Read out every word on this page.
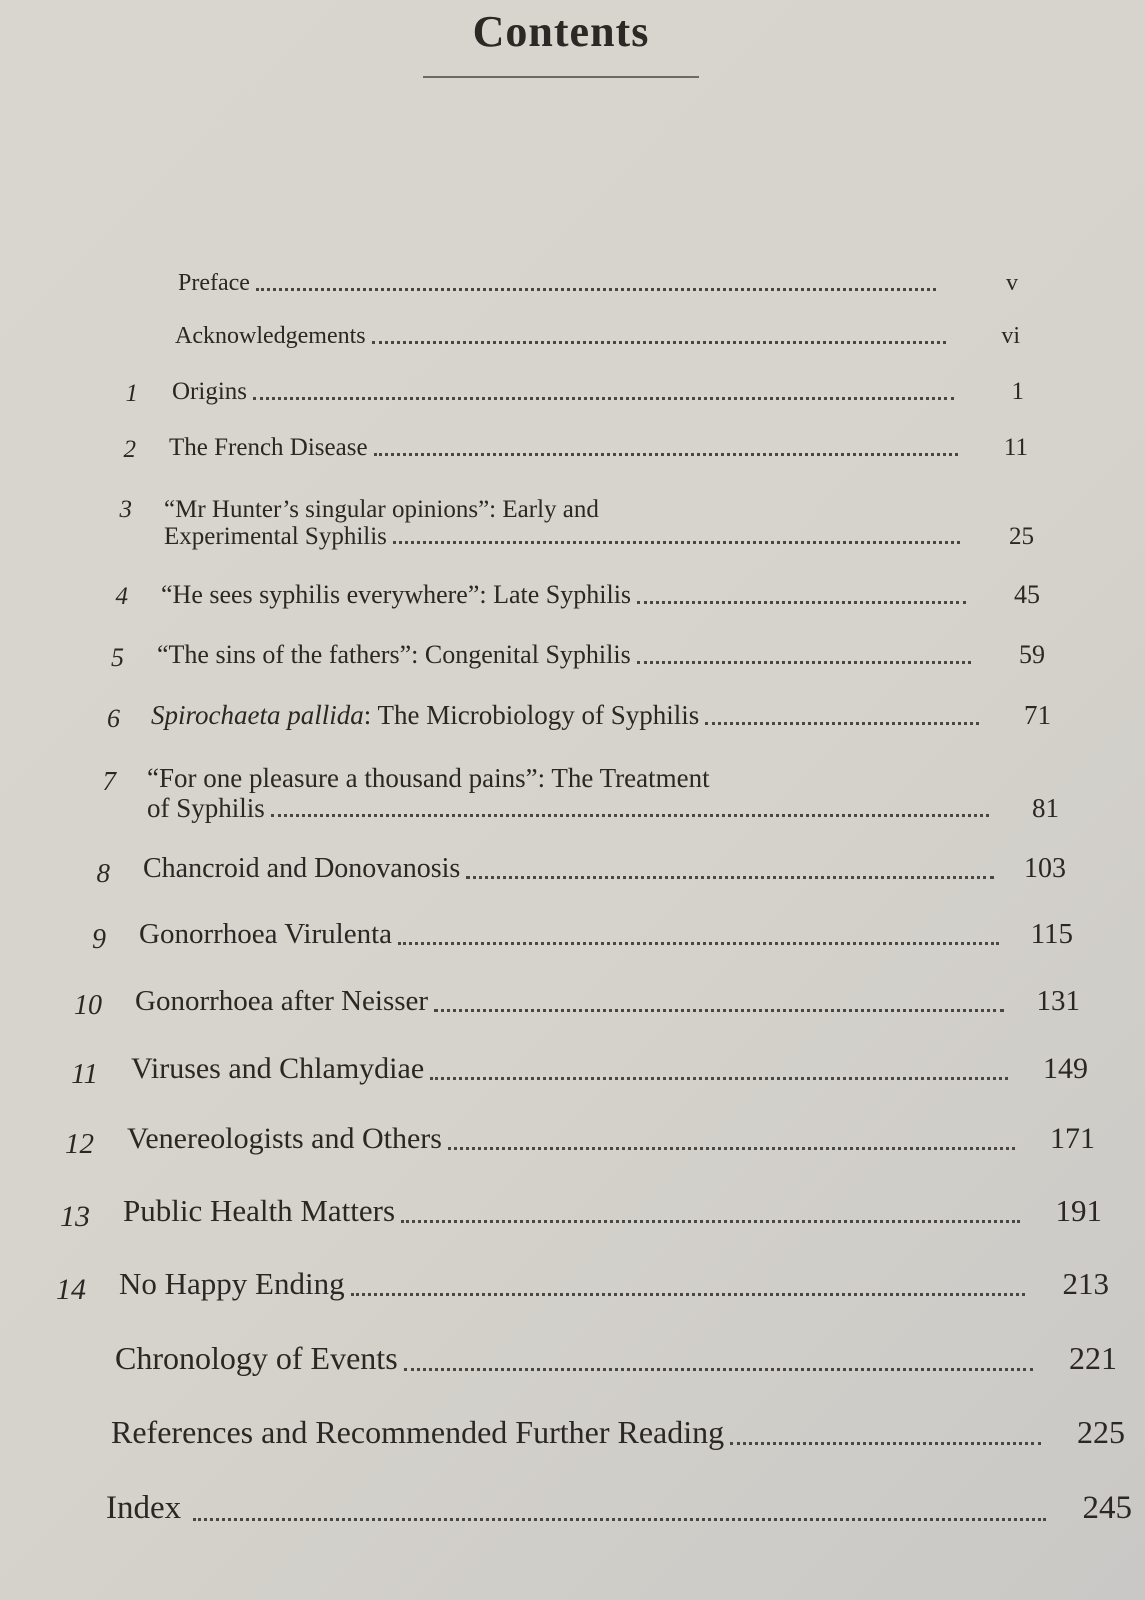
Contents
Preface	v
Acknowledgements	vi
1 Origins	1
2 The French Disease	11
3 “Mr Hunter’s singular opinions”: Early and
Experimental Syphilis	25
4 “He sees syphilis everywhere”: Late Syphilis	45
5 “The sins of the fathers”: Congenital Syphilis	59
6 Spirochaeta pallida : The Microbiology of Syphilis	71
7 “For one pleasure a thousand pains”: The Treatment
of Syphilis	81
8 Chancroid and Donovanosis	103
9 Gonorrhoea Virulenta	115
10 Gonorrhoea after Neisser	131
11 Viruses and Chlamydiae	149
12 Venereologists and Others	171
13 Public Health Matters	191
14 No Happy Ending	213
Chronology of Events	221
References and Recommended Further Reading	225
Index	245
